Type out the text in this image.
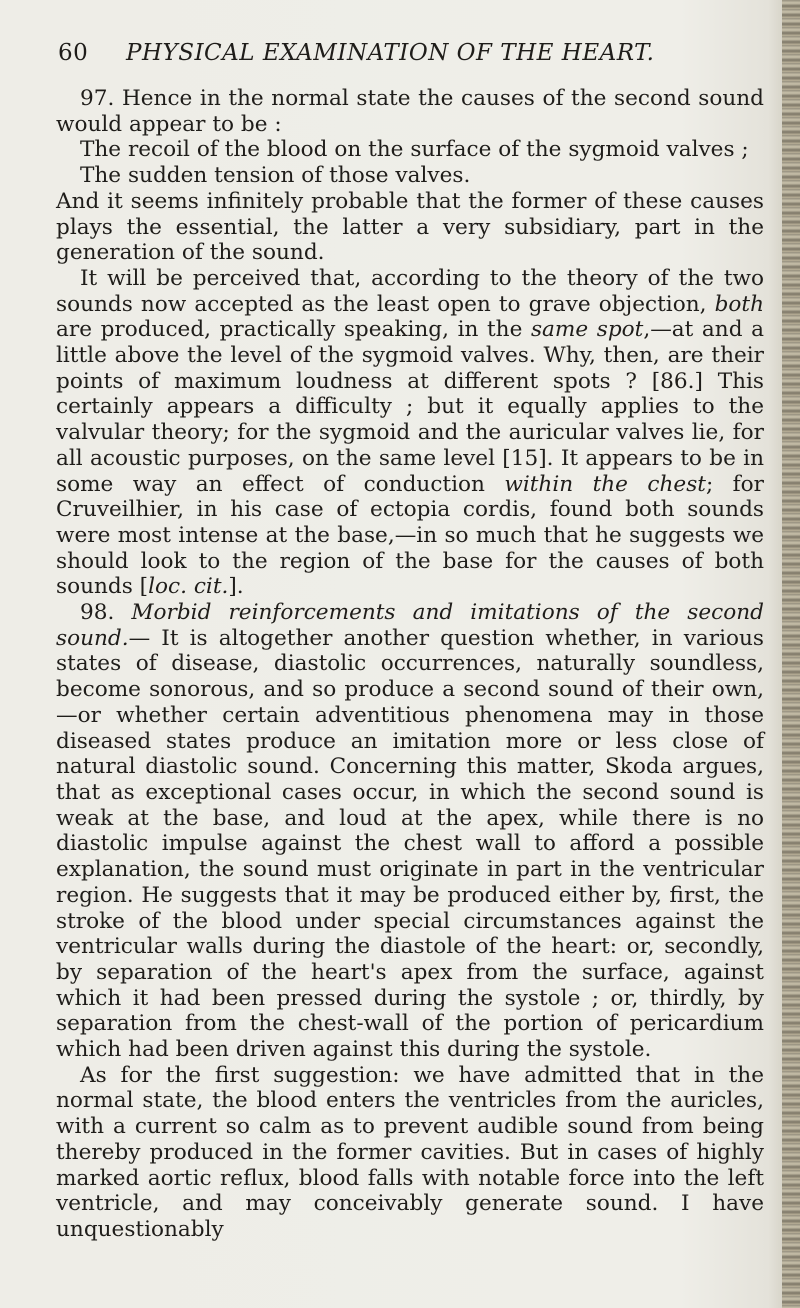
60 PHYSICAL EXAMINATION OF THE HEART.

97. Hence in the normal state the causes of the second sound would appear to be :

The recoil of the blood on the surface of the sygmoid valves ;

The sudden tension of those valves.

And it seems infinitely probable that the former of these causes plays the essential, the latter a very subsidiary, part in the generation of the sound.

It will be perceived that, according to the theory of the two sounds now accepted as the least open to grave objection, both are produced, practically speaking, in the same spot,—at and a little above the level of the sygmoid valves. Why, then, are their points of maximum loudness at different spots ? [86.] This certainly appears a difficulty ; but it equally applies to the valvular theory; for the sygmoid and the auricular valves lie, for all acoustic purposes, on the same level [15]. It appears to be in some way an effect of conduction within the chest; for Cruveilhier, in his case of ectopia cordis, found both sounds were most intense at the base,—in so much that he suggests we should look to the region of the base for the causes of both sounds [loc. cit.].

98. Morbid reinforcements and imitations of the second sound.— It is altogether another question whether, in various states of disease, diastolic occurrences, naturally soundless, become sonorous, and so produce a second sound of their own,—or whether certain adventitious phenomena may in those diseased states produce an imitation more or less close of natural diastolic sound. Concerning this matter, Skoda argues, that as exceptional cases occur, in which the second sound is weak at the base, and loud at the apex, while there is no diastolic impulse against the chest wall to afford a possible explanation, the sound must originate in part in the ventricular region. He suggests that it may be produced either by, first, the stroke of the blood under special circumstances against the ventricular walls during the diastole of the heart: or, secondly, by separation of the heart's apex from the surface, against which it had been pressed during the systole ; or, thirdly, by separation from the chest-wall of the portion of pericardium which had been driven against this during the systole.

As for the first suggestion: we have admitted that in the normal state, the blood enters the ventricles from the auricles, with a current so calm as to prevent audible sound from being thereby produced in the former cavities. But in cases of highly marked aortic reflux, blood falls with notable force into the left ventricle, and may conceivably generate sound. I have unquestionably
